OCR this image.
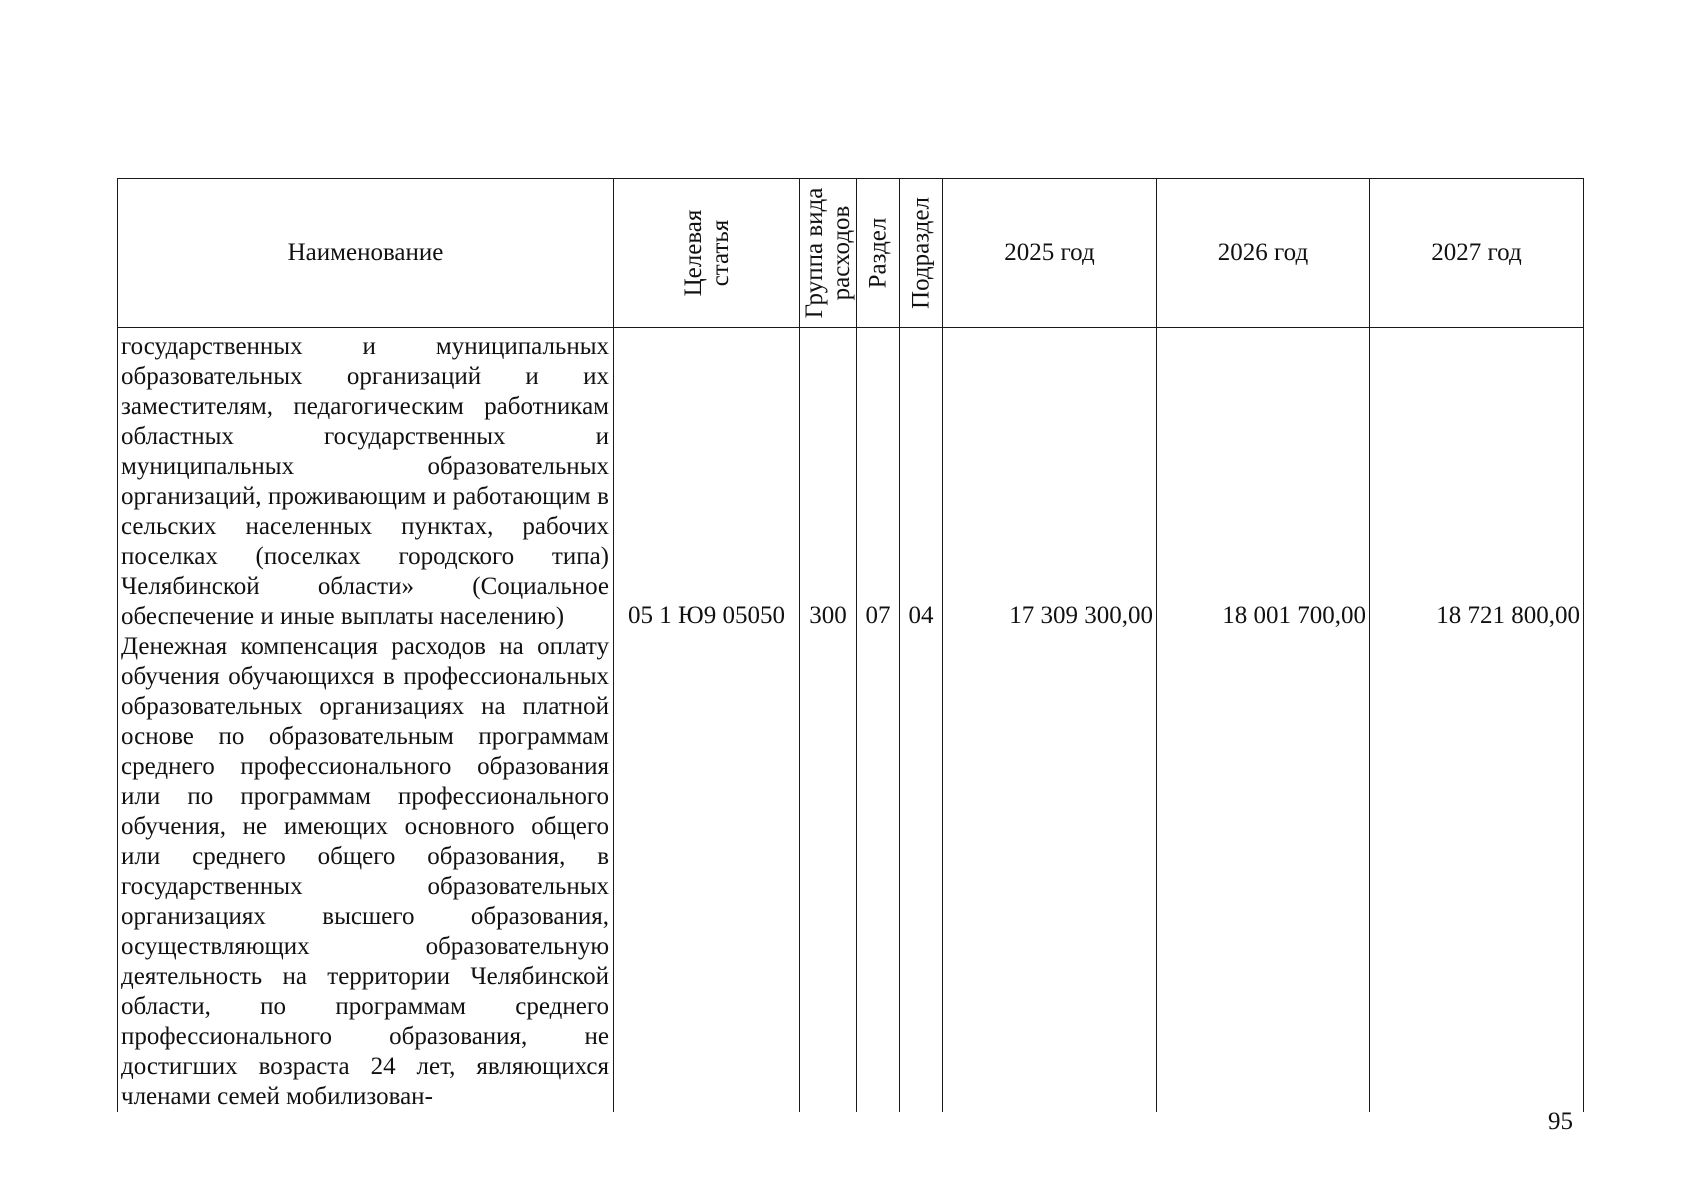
Наименование	Целевая статья	Группа вида расходов	Раздел	Подраздел	2025 год	2026 год	2027 год

государственных и муниципальных образовательных организаций и их заместителям, педагогическим работникам областных государственных и муниципальных образовательных организаций, проживающим и работающим в сельских населенных пунктах, рабочих поселках (поселках городского типа) Челябинской области» (Социальное обеспечение и иные выплаты населению)

Денежная компенсация расходов на оплату обучения обучающихся в профессиональных образовательных организациях на платной основе по образовательным программам среднего профессионального образования или по программам профессионального обучения, не имеющих основного общего или среднего общего образования, в государственных образовательных организациях высшего образования, осуществляющих образовательную деятельность на территории Челябинской области, по программам среднего профессионального образования, не достигших возраста 24 лет, являющихся членами семей мобилизован-	05 1 Ю9 05050	300	07	04	17 309 300,00	18 001 700,00	18 721 800,00
95
